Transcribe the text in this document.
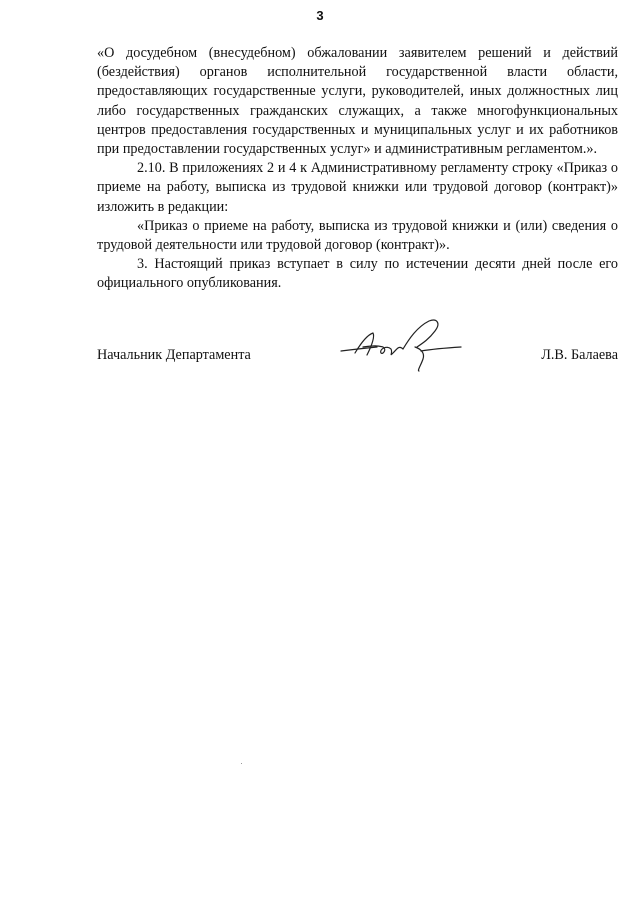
3

«О досудебном (внесудебном) обжаловании заявителем решений и действий (бездействия) органов исполнительной государственной власти области, предоставляющих государственные услуги, руководителей, иных должностных лиц либо государственных гражданских служащих, а также многофункциональных центров предоставления государственных и муниципальных услуг и их работников при предоставлении государственных услуг» и административным регламентом.».

2.10. В приложениях 2 и 4 к Административному регламенту строку «Приказ о приеме на работу, выписка из трудовой книжки или трудовой договор (контракт)» изложить в редакции:

«Приказ о приеме на работу, выписка из трудовой книжки и (или) сведения о трудовой деятельности или трудовой договор (контракт)».

3. Настоящий приказ вступает в силу по истечении десяти дней после его официального опубликования.

Начальник Департамента	Л.В. Балаева
